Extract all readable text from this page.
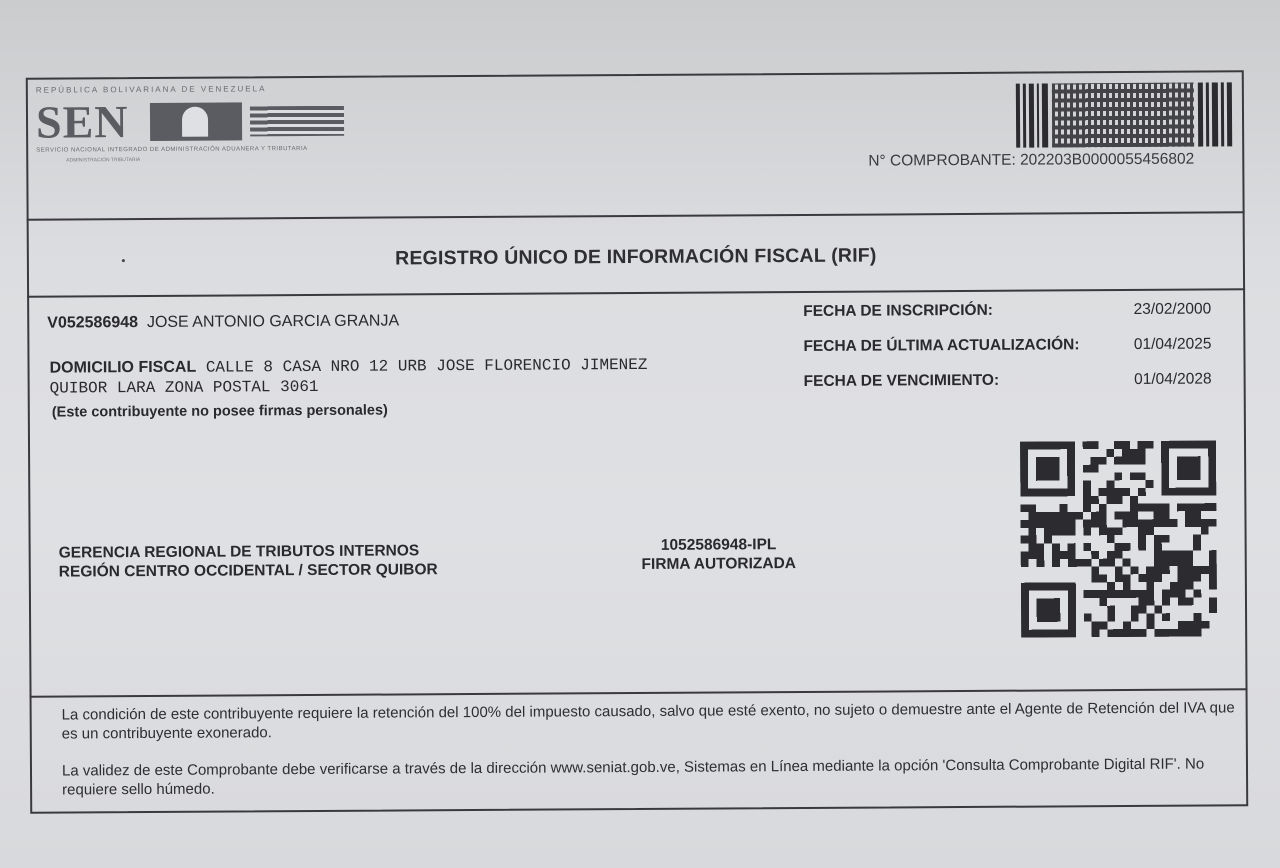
REPÚBLICA BOLIVARIANA DE VENEZUELA
SEN
SERVICIO NACIONAL INTEGRADO DE ADMINISTRACIÓN ADUANERA Y TRIBUTARIA
ADMINISTRACIÓN TRIBUTARIA	N° COMPROBANTE: 202203B0000055456802
REGISTRO ÚNICO DE INFORMACIÓN FISCAL (RIF)
V052586948 JOSE ANTONIO GARCIA GRANJA
DOMICILIO FISCAL CALLE 8 CASA NRO 12 URB JOSE FLORENCIO JIMENEZ
QUIBOR LARA ZONA POSTAL 3061
(Este contribuyente no posee firmas personales)
FECHA DE INSCRIPCIÓN:	23/02/2000
FECHA DE ÚLTIMA ACTUALIZACIÓN:	01/04/2025
FECHA DE VENCIMIENTO:	01/04/2028
GERENCIA REGIONAL DE TRIBUTOS INTERNOS
REGIÓN CENTRO OCCIDENTAL / SECTOR QUIBOR
1052586948-IPL
FIRMA AUTORIZADA
La condición de este contribuyente requiere la retención del 100% del impuesto causado, salvo que esté exento, no sujeto o demuestre ante el Agente de Retención del IVA que es un contribuyente exonerado.
La validez de este Comprobante debe verificarse a través de la dirección www.seniat.gob.ve, Sistemas en Línea mediante la opción 'Consulta Comprobante Digital RIF'. No requiere sello húmedo.
